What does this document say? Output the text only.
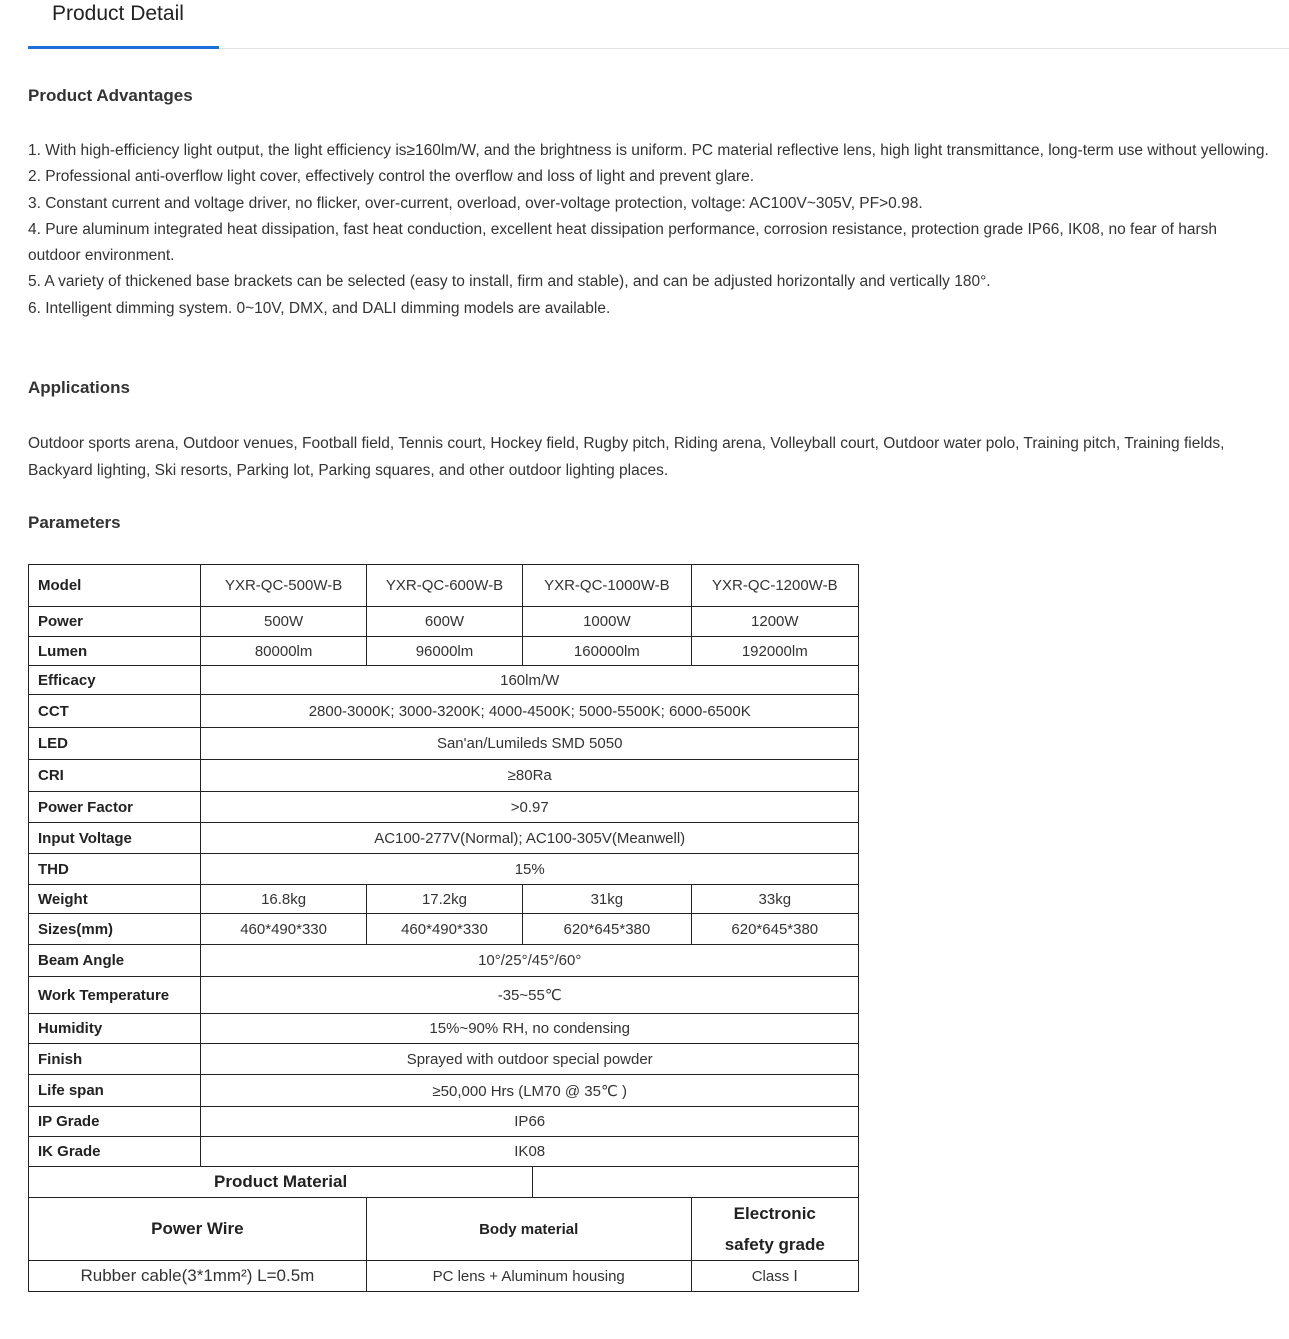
Product Detail
Product Advantages

1. With high-efficiency light output, the light efficiency is≥160lm/W, and the brightness is uniform. PC material reflective lens, high light transmittance, long-term use without yellowing.

2. Professional anti-overflow light cover, effectively control the overflow and loss of light and prevent glare.

3. Constant current and voltage driver, no flicker, over-current, overload, over-voltage protection, voltage: AC100V~305V, PF>0.98.

4. Pure aluminum integrated heat dissipation, fast heat conduction, excellent heat dissipation performance, corrosion resistance, protection grade IP66, IK08, no fear of harsh outdoor environment.

5. A variety of thickened base brackets can be selected (easy to install, firm and stable), and can be adjusted horizontally and vertically 180°.

6. Intelligent dimming system. 0~10V, DMX, and DALI dimming models are available.

Applications
Outdoor sports arena, Outdoor venues, Football field, Tennis court, Hockey field, Rugby pitch, Riding arena, Volleyball court, Outdoor water polo, Training pitch, Training fields, Backyard lighting, Ski resorts, Parking lot, Parking squares, and other outdoor lighting places.
Parameters
Model	YXR-QC-500W-B	YXR-QC-600W-B	YXR-QC-1000W-B		YXR-QC-1200W-B
Power	500W	600W	1000W		1200W
Lumen	80000lm	96000lm	160000lm		192000lm
Efficacy	160lm/W				
CCT	2800-3000K; 3000-3200K; 4000-4500K; 5000-5500K; 6000-6500K				
LED	San'an/Lumileds SMD 5050				
CRI	≥80Ra				
Power Factor	>0.97				
Input Voltage	AC100-277V(Normal); AC100-305V(Meanwell)				
THD	15%				
Weight	16.8kg	17.2kg	31kg		33kg
Sizes(mm)	460*490*330	460*490*330	620*645*380		620*645*380
Beam Angle	10°/25°/45°/60°				
Work Temperature	-35~55℃				
Humidity	15%~90% RH, no condensing				
Finish	Sprayed with outdoor special powder				
Life span	≥50,000 Hrs (LM70 @ 35℃ )				
IP Grade	IP66				
IK Grade	IK08				
Product Material					
Power Wire		Body material			Electronic
safety grade

Rubber cable(3*1mm²) L=0.5m		PC lens + Aluminum housing			Class Ⅰ
